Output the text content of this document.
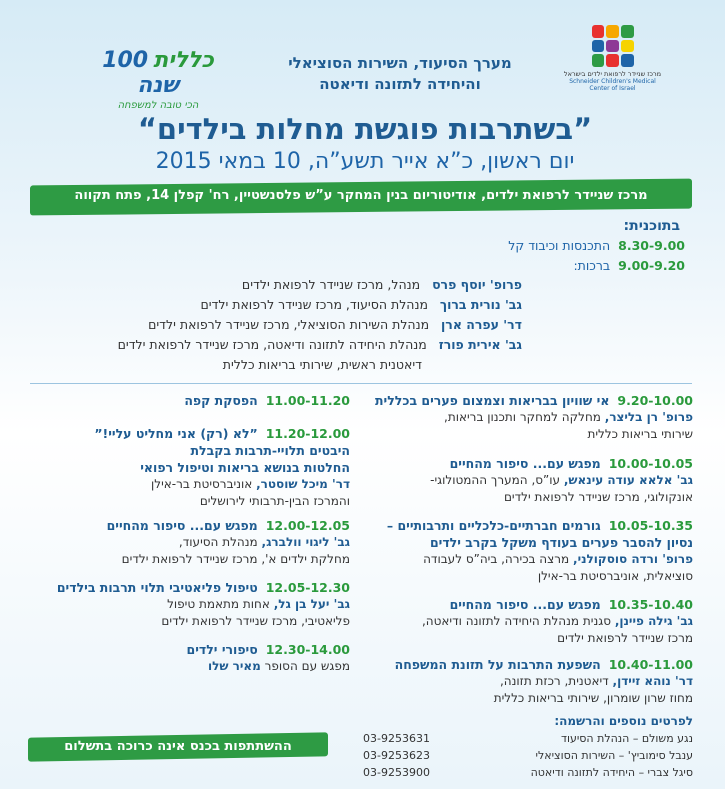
מרכז שניידר לרפואת ילדים בישראל
Schneider Children's Medical Center of Israel
מערך הסיעוד, השירות הסוציאלי
והיחידה לתזונה ודיאטה
כללית 100 שנה
הכי טובה למשפחה
”בשתרבות פוגשת מחלות בילדים“
יום ראשון, כ”א אייר תשע”ה, 10 במאי 2015
מרכז שניידר לרפואת ילדים, אודיטוריום בנין המחקר ע”ש פלסנשטיין, רח' קפלן 14, פתח תקווה
בתוכנית:
8.30-9.00  התכנסות וכיבוד קל
9.00-9.20  ברכות:
פרופ' יוסף פרס   מנהל, מרכז שניידר לרפואת ילדים
גב' נורית ברוך   מנהלת הסיעוד, מרכז שניידר לרפואת ילדים
דר' עפרה ארן   מנהלת השירות הסוציאלי, מרכז שניידר לרפואת ילדים
גב' אירית פורז   מנהלת היחידה לתזונה ודיאטה, מרכז שניידר לרפואת ילדים
דיאטנית ראשית, שירותי בריאות כללית
9.20-10.00אי שוויון בבריאות וצמצום פערים בכללית
פרופ' רן בליצר, מחלקה למחקר ותכנון בריאות,
שירותי בריאות כללית
10.00-10.05מפגש עם... סיפור מהחיים
גב' אלאא עודה עינאש, עו”ס, המערך ההמטולוגי-
אונקולוגי, מרכז שניידר לרפואת ילדים
10.05-10.35גורמים חברתיים-כלכליים ותרבותיים –
נסיון להסבר פערים בעודף משקל בקרב ילדים
פרופ' ורדה סוסקולני, מרצה בכירה, ביה”ס לעבודה
סוציאלית, אוניברסיטת בר-אילן
10.35-10.40מפגש עם... סיפור מהחיים
גב' גילה פיינן, סגנית מנהלת היחידה לתזונה ודיאטה,
מרכז שניידר לרפואת ילדים
10.40-11.00השפעת התרבות על תזונת המשפחה
דר' נוהא זיידן, דיאטנית, רכזת תזונה,
מחוז שרון שומרון, שירותי בריאות כללית
11.00-11.20הפסקת קפה
11.20-12.00”לא (רק) אני מחליט עליי!”
היבטים תלויי-תרבות בקבלת
החלטות בנושא בריאות וטיפול רפואי
דר' מיכל שוסטר, אוניברסיטת בר-אילן
והמרכז הבין-תרבותי לירושלים
12.00-12.05מפגש עם... סיפור מהחיים
גב' ליגוי וולברג, מנהלת הסיעוד,
מחלקת ילדים א', מרכז שניידר לרפואת ילדים
12.05-12.30טיפול פליאטיבי תלוי תרבות בילדים
גב' יעל בן גל, אחות מתאמת טיפול
פליאטיבי, מרכז שניידר לרפואת ילדים
12.30-14.00סיפורי ילדים
מפגש עם הסופר מאיר שלו
לפרטים נוספים והרשמה:
נגע משולם – הנהלת הסיעוד
03-9253631
ענבל סימוביץ' – השירות הסוציאלי
03-9253623
סיגל צברי – היחידה לתזונה ודיאטה
03-9253900
ההשתתפות בכנס אינה כרוכה בתשלום
